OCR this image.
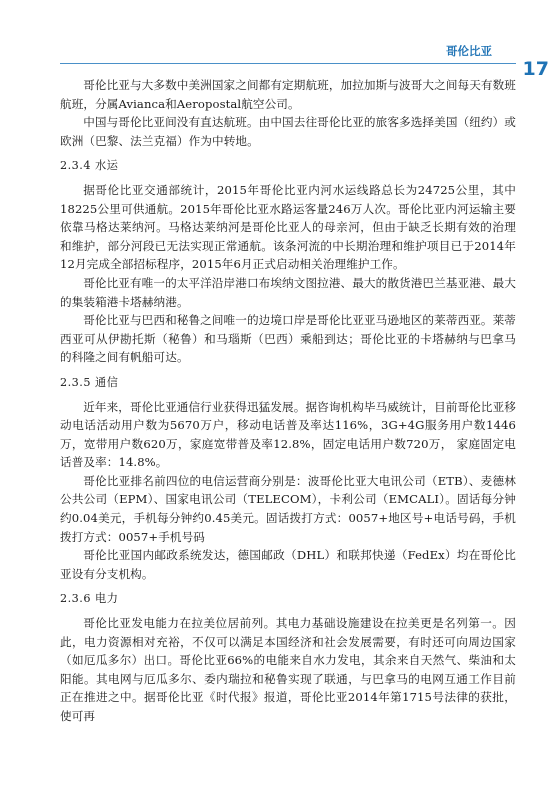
哥伦比亚
17

哥伦比亚与大多数中美洲国家之间都有定期航班，加拉加斯与波哥大之间每天有数班航班，分属Avianca和Aeropostal航空公司。

中国与哥伦比亚间没有直达航班。由中国去往哥伦比亚的旅客多选择美国（纽约）或欧洲（巴黎、法兰克福）作为中转地。

2.3.4 水运

据哥伦比亚交通部统计，2015年哥伦比亚内河水运线路总长为24725公里，其中18225公里可供通航。2015年哥伦比亚水路运客量246万人次。哥伦比亚内河运输主要依靠马格达莱纳河。马格达莱纳河是哥伦比亚人的母亲河，但由于缺乏长期有效的治理和维护，部分河段已无法实现正常通航。该条河流的中长期治理和维护项目已于2014年12月完成全部招标程序，2015年6月正式启动相关治理维护工作。

哥伦比亚有唯一的太平洋沿岸港口布埃纳文图拉港、最大的散货港巴兰基亚港、最大的集装箱港卡塔赫纳港。

哥伦比亚与巴西和秘鲁之间唯一的边境口岸是哥伦比亚亚马逊地区的莱蒂西亚。莱蒂西亚可从伊勘托斯（秘鲁）和马瑙斯（巴西）乘船到达；哥伦比亚的卡塔赫纳与巴拿马的科隆之间有帆船可达。

2.3.5 通信

近年来，哥伦比亚通信行业获得迅猛发展。据咨询机构毕马威统计，目前哥伦比亚移动电话活动用户数为5670万户，移动电话普及率达116%，3G+4G服务用户数1446万，宽带用户数620万，家庭宽带普及率12.8%，固定电话用户数720万， 家庭固定电话普及率：14.8%。

哥伦比亚排名前四位的电信运营商分别是：波哥伦比亚大电讯公司（ETB）、麦德林公共公司（EPM）、国家电讯公司（TELECOM），卡利公司（EMCALI）。固话每分钟约0.04美元，手机每分钟约0.45美元。固话拨打方式：0057+地区号+电话号码，手机拨打方式：0057+手机号码

哥伦比亚国内邮政系统发达，德国邮政（DHL）和联邦快递（FedEx）均在哥伦比亚设有分支机构。

2.3.6 电力

哥伦比亚发电能力在拉美位居前列。其电力基础设施建设在拉美更是名列第一。因此，电力资源相对充裕，不仅可以满足本国经济和社会发展需要，有时还可向周边国家（如厄瓜多尔）出口。哥伦比亚66%的电能来自水力发电，其余来自天然气、柴油和太阳能。其电网与厄瓜多尔、委内瑞拉和秘鲁实现了联通，与巴拿马的电网互通工作目前正在推进之中。据哥伦比亚《时代报》报道，哥伦比亚2014年第1715号法律的获批，使可再
